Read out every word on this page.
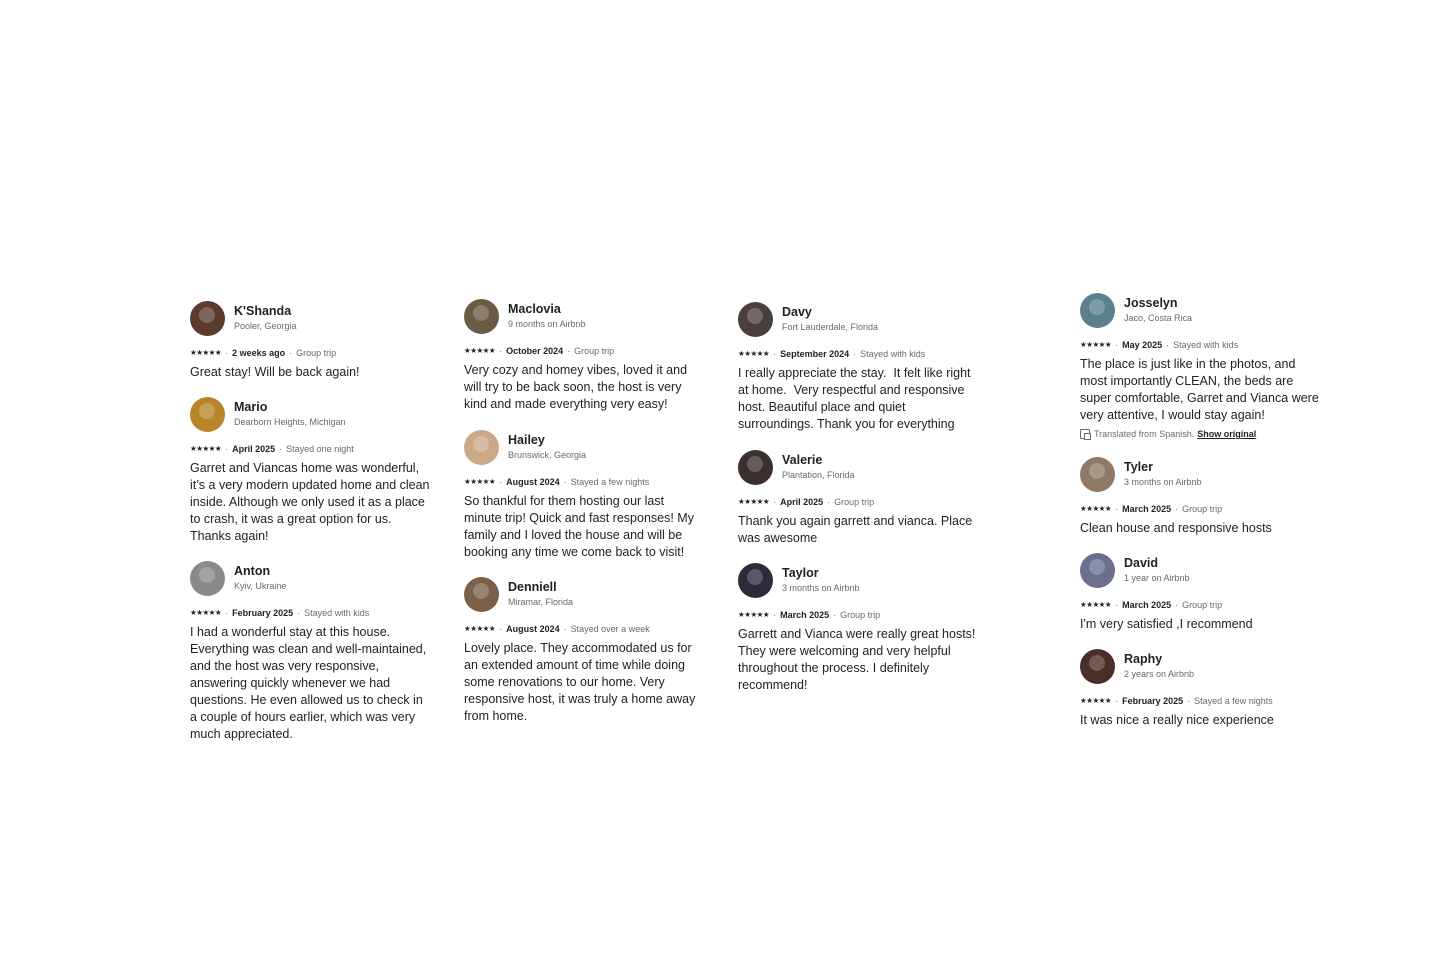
K'Shanda
Pooler, Georgia
★★★★★ · 2 weeks ago · Group trip
Great stay! Will be back again!
Mario
Dearborn Heights, Michigan
★★★★★ · April 2025 · Stayed one night
Garret and Viancas home was wonderful, it’s a very modern updated home and clean inside. Although we only used it as a place to crash, it was a great option for us. Thanks again!
Anton
Kyiv, Ukraine
★★★★★ · February 2025 · Stayed with kids
I had a wonderful stay at this house. Everything was clean and well-maintained, and the host was very responsive, answering quickly whenever we had questions. He even allowed us to check in a couple of hours earlier, which was very much appreciated.
Maclovia
9 months on Airbnb
★★★★★ · October 2024 · Group trip
Very cozy and homey vibes, loved it and will try to be back soon, the host is very kind and made everything very easy!
Hailey
Brunswick, Georgia
★★★★★ · August 2024 · Stayed a few nights
So thankful for them hosting our last minute trip! Quick and fast responses! My family and I loved the house and will be booking any time we come back to visit!
Denniell
Miramar, Florida
★★★★★ · August 2024 · Stayed over a week
Lovely place. They accommodated us for an extended amount of time while doing some renovations to our home. Very responsive host, it was truly a home away from home.
Davy
Fort Lauderdale, Florida
★★★★★ · September 2024 · Stayed with kids
I really appreciate the stay.  It felt like right at home.  Very respectful and responsive host. Beautiful place and quiet surroundings. Thank you for everything
Valerie
Plantation, Florida
★★★★★ · April 2025 · Group trip
Thank you again garrett and vianca. Place was awesome
Taylor
3 months on Airbnb
★★★★★ · March 2025 · Group trip
Garrett and Vianca were really great hosts! They were welcoming and very helpful throughout the process. I definitely recommend!
Josselyn
Jaco, Costa Rica
★★★★★ · May 2025 · Stayed with kids
The place is just like in the photos, and most importantly CLEAN, the beds are super comfortable, Garret and Vianca were very attentive, I would stay again!
Translated from Spanish. Show original
Tyler
3 months on Airbnb
★★★★★ · March 2025 · Group trip
Clean house and responsive hosts
David
1 year on Airbnb
★★★★★ · March 2025 · Group trip
I'm very satisfied ,I recommend
Raphy
2 years on Airbnb
★★★★★ · February 2025 · Stayed a few nights
It was nice a really nice experience
